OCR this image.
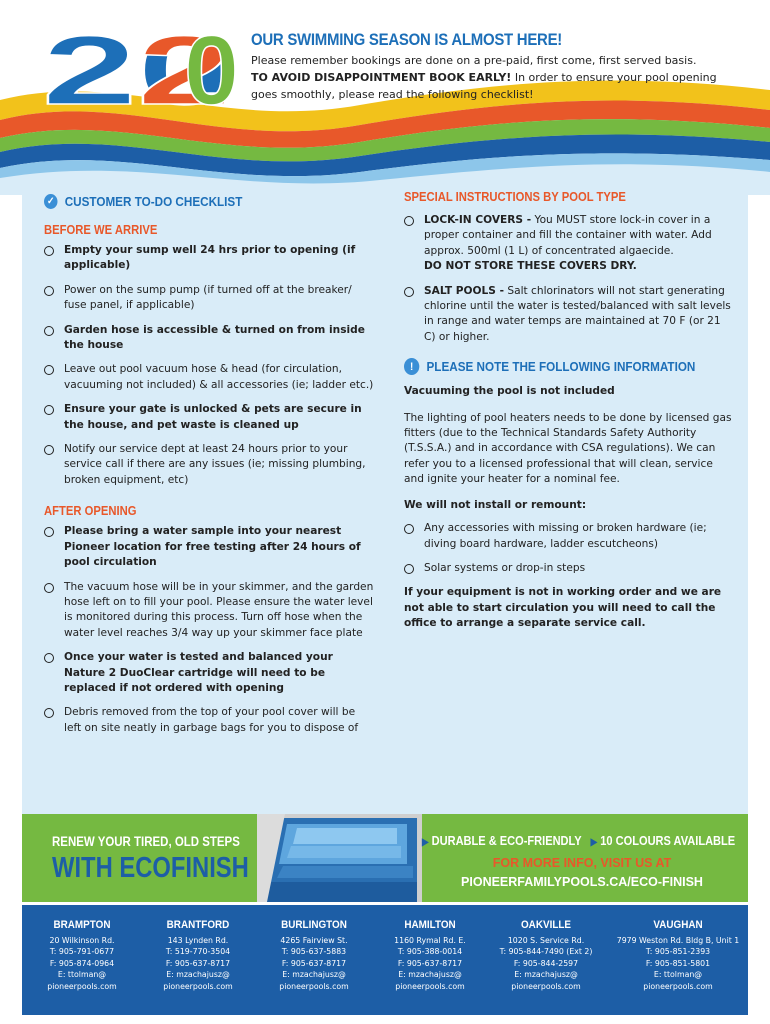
20
2
0 OUR SWIMMING SEASON IS ALMOST HERE!
Please remember bookings are done on a pre-paid, first come, first served basis.
TO AVOID DISAPPOINTMENT BOOK EARLY! In order to ensure your pool opening goes smoothly, please read the following checklist!
✓ CUSTOMER TO-DO CHECKLIST
BEFORE WE ARRIVE
Empty your sump well 24 hrs prior to opening (if applicable)
Power on the sump pump (if turned off at the breaker/ fuse panel, if applicable)
Garden hose is accessible & turned on from inside the house
Leave out pool vacuum hose & head (for circulation, vacuuming not included) & all accessories (ie; ladder etc.)
Ensure your gate is unlocked & pets are secure in the house, and pet waste is cleaned up
Notify our service dept at least 24 hours prior to your service call if there are any issues (ie; missing plumbing, broken equipment, etc)
AFTER OPENING
Please bring a water sample into your nearest Pioneer location for free testing after 24 hours of pool circulation
The vacuum hose will be in your skimmer, and the garden hose left on to fill your pool. Please ensure the water level is monitored during this process. Turn off hose when the water level reaches 3/4 way up your skimmer face plate
Once your water is tested and balanced your Nature 2 DuoClear cartridge will need to be replaced if not ordered with opening
Debris removed from the top of your pool cover will be left on site neatly in garbage bags for you to dispose of
SPECIAL INSTRUCTIONS BY POOL TYPE
LOCK-IN COVERS - You MUST store lock-in cover in a proper container and fill the container with water. Add approx. 500ml (1 L) of concentrated algaecide.
DO NOT STORE THESE COVERS DRY.
SALT POOLS - Salt chlorinators will not start generating chlorine until the water is tested/balanced with salt levels in range and water temps are maintained at 70 F (or 21 C) or higher.
!	PLEASE NOTE THE FOLLOWING INFORMATION
Vacuuming the pool is not included
The lighting of pool heaters needs to be done by licensed gas fitters (due to the Technical Standards Safety Authority (T.S.S.A.) and in accordance with CSA regulations). We can refer you to a licensed professional that will clean, service and ignite your heater for a nominal fee.
We will not install or remount:
Any accessories with missing or broken hardware (ie; diving board hardware, ladder escutcheons)
Solar systems or drop-in steps
If your equipment is not in working order and we are not able to start circulation you will need to call the office to arrange a separate service call.
RENEW YOUR TIRED, OLD STEPS
WITH ECOFINISH
▶ DURABLE & ECO-FRIENDLY ▶ 10 COLOURS AVAILABLE
FOR MORE INFO, VISIT US AT
PIONEERFAMILYPOOLS.CA/ECO-FINISH
BRAMPTON
20 Wilkinson Rd.
T: 905-791-0677
F: 905-874-0964
E: ttolman@
pioneerpools.com
BRANTFORD
143 Lynden Rd.
T: 519-770-3504
F: 905-637-8717
E: mzachajusz@
pioneerpools.com
BURLINGTON
4265 Fairview St.
T: 905-637-5883
F: 905-637-8717
E: mzachajusz@
pioneerpools.com
HAMILTON
1160 Rymal Rd. E.
T: 905-388-0014
F: 905-637-8717
E: mzachajusz@
pioneerpools.com
OAKVILLE
1020 S. Service Rd.
T: 905-844-7490 (Ext 2)
F: 905-844-2597
E: mzachajusz@
pioneerpools.com
VAUGHAN
7979 Weston Rd. Bldg B, Unit 1
T: 905-851-2393
F: 905-851-5801
E: ttolman@
pioneerpools.com
